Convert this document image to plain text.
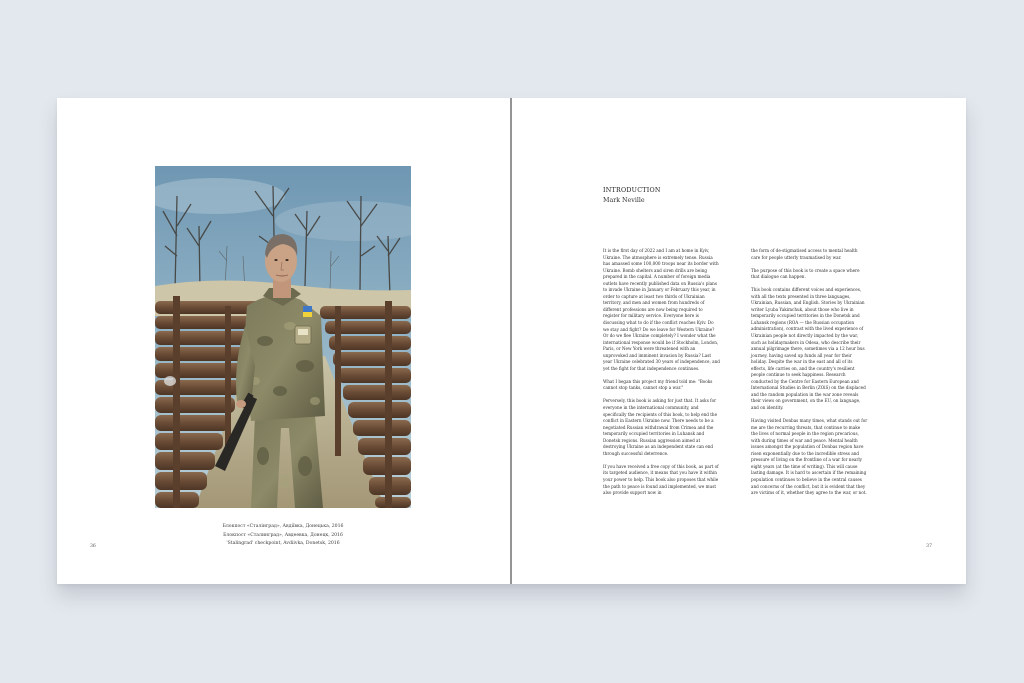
Блокпост «Сталінград», Авдіївка, Донецька, 2016
Блокпост «Сталинград», Авдеевка, Донецк, 2016
'Stalingrad' checkpoint, Avdiivka, Donetsk, 2016
36
INTRODUCTION
Mark Neville

It is the first day of 2022 and I am at home in Kyiv, Ukraine. The atmosphere is extremely tense. Russia has amassed some 100,000 troops near its border with Ukraine. Bomb shelters and siren drills are being prepared in the capital. A number of foreign media outlets have recently published data on Russia's plans to invade Ukraine in January or February this year, in order to capture at least two thirds of Ukrainian territory, and men and women from hundreds of different professions are now being required to register for military service. Everyone here is discussing what to do if the conflict reaches Kyiv. Do we stay and fight? Do we leave for Western Ukraine? Or do we flee Ukraine completely? I wonder what the international response would be if Stockholm, London, Paris, or New York were threatened with an unprovoked and imminent invasion by Russia? Last year Ukraine celebrated 30 years of independence, and yet the fight for that independence continues.

What I began this project my friend told me: "Books cannot stop tanks, cannot stop a war."

Perversely, this book is asking for just that. It asks for everyone in the international community, and specifically the recipients of this book, to help end the conflict in Eastern Ukraine now. There needs to be a negotiated Russian withdrawal from Crimea and the temporarily occupied territories in Luhansk and Donetsk regions. Russian aggression aimed at destroying Ukraine as an independent state can end through successful deterrence.

If you have received a free copy of this book, as part of its targeted audience, it means that you have it within your power to help. This book also proposes that while the path to peace is found and implemented, we must also provide support now in

the form of de-stigmatised access to mental health care for people utterly traumatised by war.

The purpose of this book is to create a space where that dialogue can happen.

This book contains different voices and experiences, with all the texts presented in three languages, Ukrainian, Russian, and English. Stories by Ukrainian writer Lyuba Yakimchuk, about those who live in temporarily occupied territories in the Donetsk and Luhansk regions (ROA — the Russian occupation administration), contrast with the lived experience of Ukrainian people not directly impacted by the war, such as holidaymakers in Odesa, who describe their annual pilgrimage there, sometimes via a 12 hour bus journey, having saved up funds all year for their holiday. Despite the war in the east and all of its effects, life carries on, and the country's resilient people continue to seek happiness. Research conducted by the Centre for Eastern European and International Studies in Berlin (ZOiS) on the displaced and the random population in the war zone reveals their views on government, on the EU, on language, and on identity.

Having visited Donbas many times, what stands out for me are the recurring threats, that continue to make the lives of normal people in the region precarious, with during times of war and peace. Mental health issues amongst the population of Donbas region have risen exponentially due to the incredible stress and pressure of living on the frontline of a war for nearly eight years (at the time of writing). This will cause lasting damage. It is hard to ascertain if the remaining population continues to believe in the central causes and concerns of the conflict, but it is evident that they are victims of it, whether they agree to the war, or not.

37
